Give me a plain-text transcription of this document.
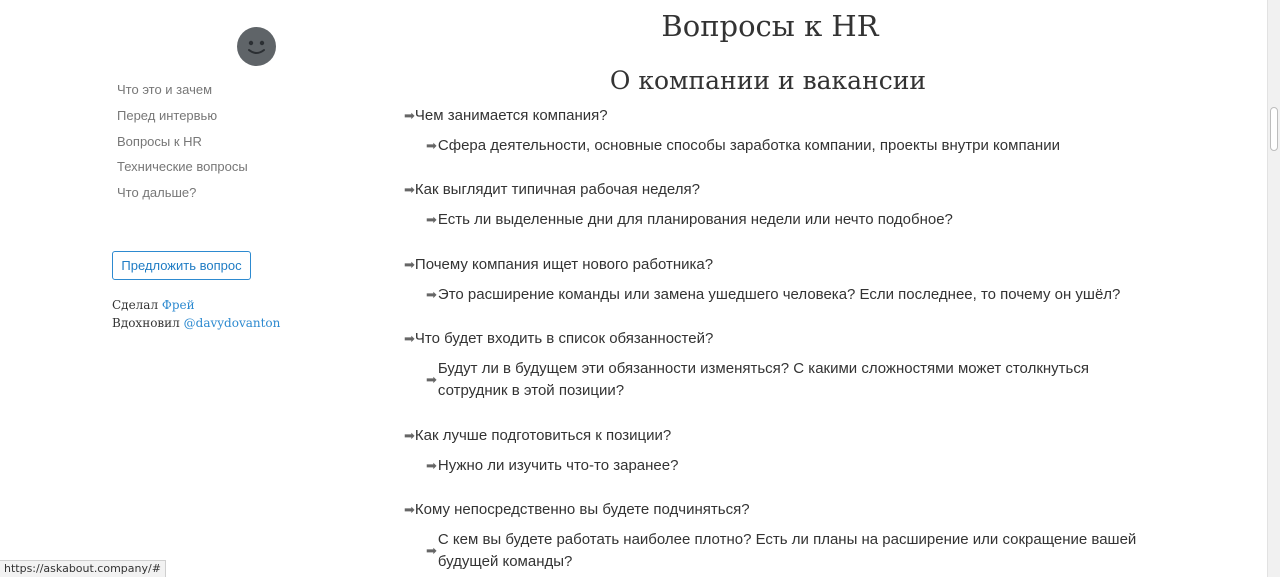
Что это и зачем
Перед интервью
Вопросы к HR
Технические вопросы
Что дальше?
Предложить вопрос
Сделал Фрей
Вдохновил @davydovanton
Вопросы к HR
О компании и вакансии
➡Чем занимается компания?
➡ Сфера деятельности, основные способы заработка компании, проекты внутри компании
➡Как выглядит типичная рабочая неделя?
➡ Есть ли выделенные дни для планирования недели или нечто подобное?
➡Почему компания ищет нового работника?
➡ Это расширение команды или замена ушедшего человека? Если последнее, то почему он ушёл?
➡Что будет входить в список обязанностей?
➡
Будут ли в будущем эти обязанности изменяться? С какими сложностями может столкнуться сотрудник в этой позиции?
➡Как лучше подготовиться к позиции?
➡ Нужно ли изучить что-то заранее?
➡Кому непосредственно вы будете подчиняться?
➡
С кем вы будете работать наиболее плотно? Есть ли планы на расширение или сокращение вашей будущей команды?
https://askabout.company/#
